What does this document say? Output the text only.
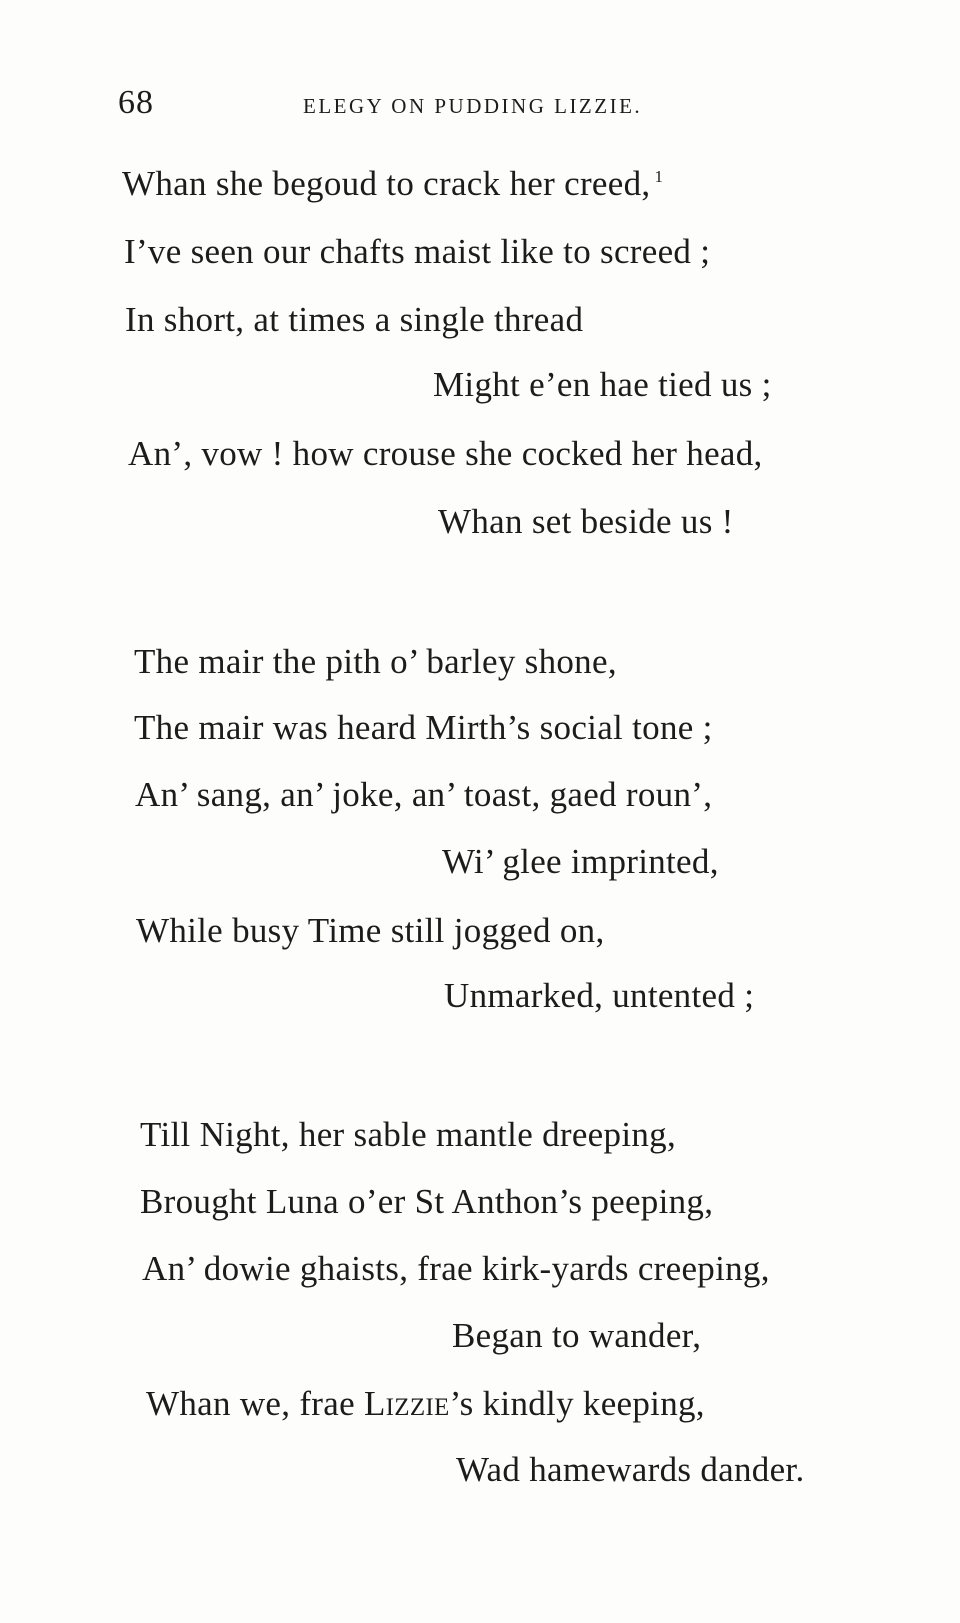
68	ELEGY ON PUDDING LIZZIE.
Whan she begoud to crack her creed, $^1$
I’ve seen our chafts maist like to screed ;
In short, at times a single thread
Might e’en hae tied us ;
An’, vow ! how crouse she cocked her head,
Whan set beside us !
The mair the pith o’ barley shone,
The mair was heard Mirth’s social tone ;
An’ sang, an’ joke, an’ toast, gaed roun’,
Wi’ glee imprinted,
While busy Time still jogged on,
Unmarked, untented ;
Till Night, her sable mantle dreeping,
Brought Luna o’er St Anthon’s peeping,
An’ dowie ghaists, frae kirk-yards creeping,
Began to wander,
Whan we, frae Lizzie’s kindly keeping,
Wad hamewards dander.
